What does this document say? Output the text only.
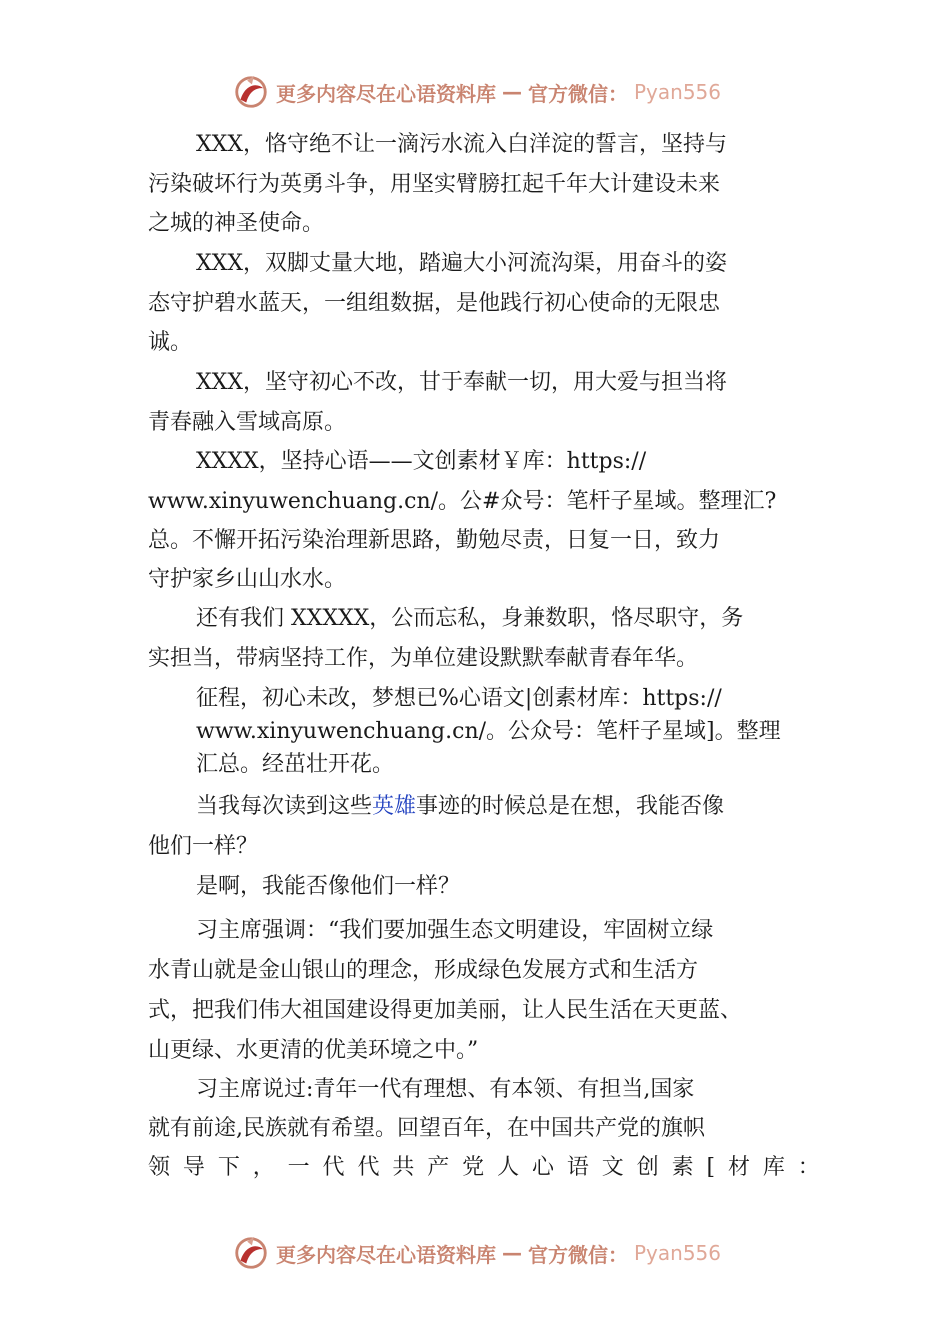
更多内容尽在心语资料库 — 官方微信： Pyan556

XXX，恪守绝不让一滴污水流入白洋淀的誓言，坚持与

污染破坏行为英勇斗争，用坚实臂膀扛起千年大计建设未来

之城的神圣使命。

XXX，双脚丈量大地，踏遍大小河流沟渠，用奋斗的姿

态守护碧水蓝天，一组组数据，是他践行初心使命的无限忠

诚。

XXX，坚守初心不改，甘于奉献一切，用大爱与担当将

青春融入雪域高原。

XXXX，坚持心语——文创素材￥库：https://

www.xinyuwenchuang.cn/。公#众号：笔杆子星域。整理汇?

总。不懈开拓污染治理新思路，勤勉尽责，日复一日，致力

守护家乡山山水水。

还有我们 XXXXX，公而忘私，身兼数职，恪尽职守，务

实担当，带病坚持工作，为单位建设默默奉献青春年华。

征程，初心未改，梦想已%心语文|创素材库：https://

www.xinyuwenchuang.cn/。公众号：笔杆子星域]。整理

汇总。经茁壮开花。

当我每次读到这些英雄事迹的时候总是在想，我能否像

他们一样？

是啊，我能否像他们一样？

习主席强调：“我们要加强生态文明建设，牢固树立绿

水青山就是金山银山的理念，形成绿色发展方式和生活方

式，把我们伟大祖国建设得更加美丽，让人民生活在天更蓝、

山更绿、水更清的优美环境之中。”

习主席说过:青年一代有理想、有本领、有担当,国家

就有前途,民族就有希望。回望百年，在中国共产党的旗帜

领 导 下 ， 一 代 代 共 产 党 人 心 语 文 创 素 [ 材 库 ：
更多内容尽在心语资料库 — 官方微信： Pyan556
